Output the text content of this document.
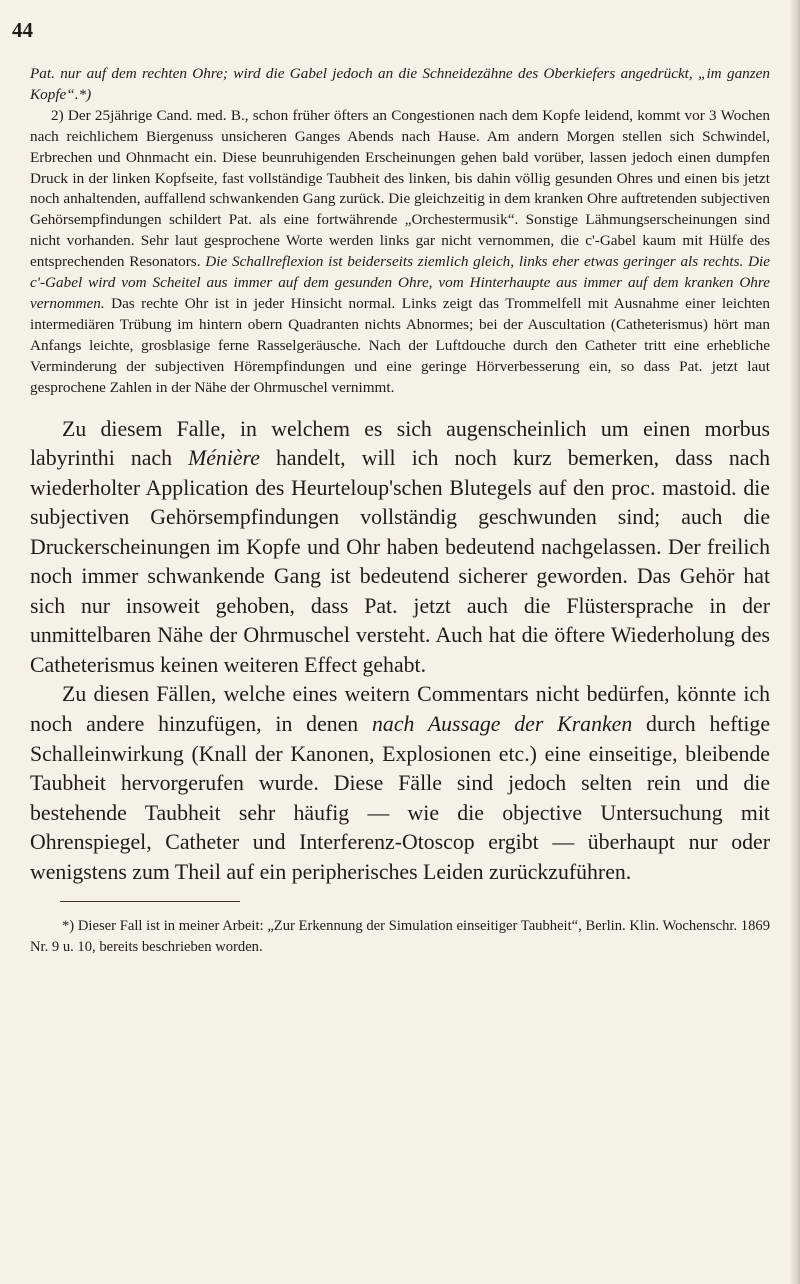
44

Pat. nur auf dem rechten Ohre; wird die Gabel jedoch an die Schneidezähne des Oberkiefers angedrückt, „im ganzen Kopfe“.*)

2) Der 25jährige Cand. med. B., schon früher öfters an Congestionen nach dem Kopfe leidend, kommt vor 3 Wochen nach reichlichem Biergenuss unsicheren Ganges Abends nach Hause. Am andern Morgen stellen sich Schwindel, Erbrechen und Ohnmacht ein. Diese beunruhigenden Erscheinungen gehen bald vorüber, lassen jedoch einen dumpfen Druck in der linken Kopfseite, fast vollständige Taubheit des linken, bis dahin völlig gesunden Ohres und einen bis jetzt noch anhaltenden, auffallend schwankenden Gang zurück. Die gleichzeitig in dem kranken Ohre auftretenden subjectiven Gehörsempfindungen schildert Pat. als eine fortwährende „Orchestermusik“. Sonstige Lähmungserscheinungen sind nicht vorhanden. Sehr laut gesprochene Worte werden links gar nicht vernommen, die c'-Gabel kaum mit Hülfe des entsprechenden Resonators. Die Schallreflexion ist beiderseits ziemlich gleich, links eher etwas geringer als rechts. Die c'-Gabel wird vom Scheitel aus immer auf dem gesunden Ohre, vom Hinterhaupte aus immer auf dem kranken Ohre vernommen. Das rechte Ohr ist in jeder Hinsicht normal. Links zeigt das Trommelfell mit Ausnahme einer leichten intermediären Trübung im hintern obern Quadranten nichts Abnormes; bei der Auscultation (Catheterismus) hört man Anfangs leichte, grosblasige ferne Rasselgeräusche. Nach der Luftdouche durch den Catheter tritt eine erhebliche Verminderung der subjectiven Hörempfindungen und eine geringe Hörverbesserung ein, so dass Pat. jetzt laut gesprochene Zahlen in der Nähe der Ohrmuschel vernimmt.

Zu diesem Falle, in welchem es sich augenscheinlich um einen morbus labyrinthi nach Ménière handelt, will ich noch kurz bemerken, dass nach wiederholter Application des Heurteloup'schen Blutegels auf den proc. mastoid. die subjectiven Gehörsempfindungen vollständig geschwunden sind; auch die Druckerscheinungen im Kopfe und Ohr haben bedeutend nachgelassen. Der freilich noch immer schwankende Gang ist bedeutend sicherer geworden. Das Gehör hat sich nur insoweit gehoben, dass Pat. jetzt auch die Flüstersprache in der unmittelbaren Nähe der Ohrmuschel versteht. Auch hat die öftere Wiederholung des Catheterismus keinen weiteren Effect gehabt.

Zu diesen Fällen, welche eines weitern Commentars nicht bedürfen, könnte ich noch andere hinzufügen, in denen nach Aussage der Kranken durch heftige Schalleinwirkung (Knall der Kanonen, Explosionen etc.) eine einseitige, bleibende Taubheit hervorgerufen wurde. Diese Fälle sind jedoch selten rein und die bestehende Taubheit sehr häufig — wie die objective Untersuchung mit Ohrenspiegel, Catheter und Interferenz-Otoscop ergibt — überhaupt nur oder wenigstens zum Theil auf ein peripherisches Leiden zurückzuführen.

*) Dieser Fall ist in meiner Arbeit: „Zur Erkennung der Simulation einseitiger Taubheit“, Berlin. Klin. Wochenschr. 1869 Nr. 9 u. 10, bereits beschrieben worden.
